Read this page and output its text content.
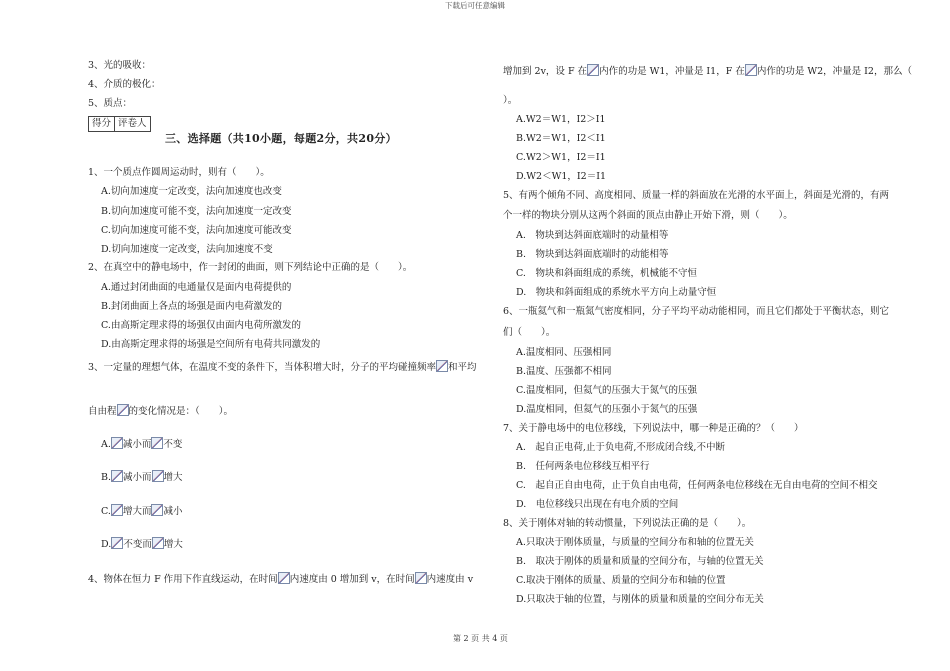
下载后可任意编辑
第 2 页 共 4 页
3、光的吸收：
4、介质的极化：
5、质点：
得分 评卷人
三、选择题（共10小题，每题2分，共20分）
1、一个质点作圆周运动时，则有（　　）。
A.切向加速度一定改变，法向加速度也改变
B.切向加速度可能不变，法向加速度一定改变
C.切向加速度可能不变，法向加速度可能改变
D.切向加速度一定改变，法向加速度不变
2、在真空中的静电场中，作一封闭的曲面，则下列结论中正确的是（　　）。
A.通过封闭曲面的电通量仅是面内电荷提供的
B.封闭曲面上各点的场强是面内电荷激发的
C.由高斯定理求得的场强仅由面内电荷所激发的
D.由高斯定理求得的场强是空间所有电荷共同激发的
3、一定量的理想气体，在温度不变的条件下，当体积增大时，分子的平均碰撞频率 和平均
自由程 的变化情况是：（　　）。
A. 减小而 不变
B. 减小而 增大
C. 增大而 减小
D. 不变而 增大
4、物体在恒力 F 作用下作直线运动，在时间 内速度由 0 增加到 v，在时间 内速度由 v
增加到 2v，设 F 在 内作的功是 W1，冲量是 I1，F 在 内作的功是 W2，冲量是 I2，那么（
）。
A.W2＝W1，I2＞I1
B.W2＝W1，I2＜I1
C.W2＞W1，I2＝I1
D.W2＜W1，I2＝I1
5、有两个倾角不同、高度相同、质量一样的斜面放在光滑的水平面上，斜面是光滑的，有两
个一样的物块分别从这两个斜面的顶点由静止开始下滑，则（　　）。
A.　物块到达斜面底端时的动量相等
B.　物块到达斜面底端时的动能相等
C.　物块和斜面组成的系统，机械能不守恒
D.　物块和斜面组成的系统水平方向上动量守恒
6、一瓶氦气和一瓶氮气密度相同，分子平均平动动能相同，而且它们都处于平衡状态，则它
们（　　）。
A.温度相同、压强相同
B.温度、压强都不相同
C.温度相同，但氦气的压强大于氮气的压强
D.温度相同，但氦气的压强小于氮气的压强
7、关于静电场中的电位移线，下列说法中，哪一种是正确的？（　　）
A.　起自正电荷,止于负电荷,不形成闭合线,不中断
B.　任何两条电位移线互相平行
C.　起自正自由电荷，止于负自由电荷，任何两条电位移线在无自由电荷的空间不相交
D.　电位移线只出现在有电介质的空间
8、关于刚体对轴的转动惯量，下列说法正确的是（　　）。
A.只取决于刚体质量，与质量的空间分布和轴的位置无关
B.　取决于刚体的质量和质量的空间分布，与轴的位置无关
C.取决于刚体的质量、质量的空间分布和轴的位置
D.只取决于轴的位置，与刚体的质量和质量的空间分布无关
